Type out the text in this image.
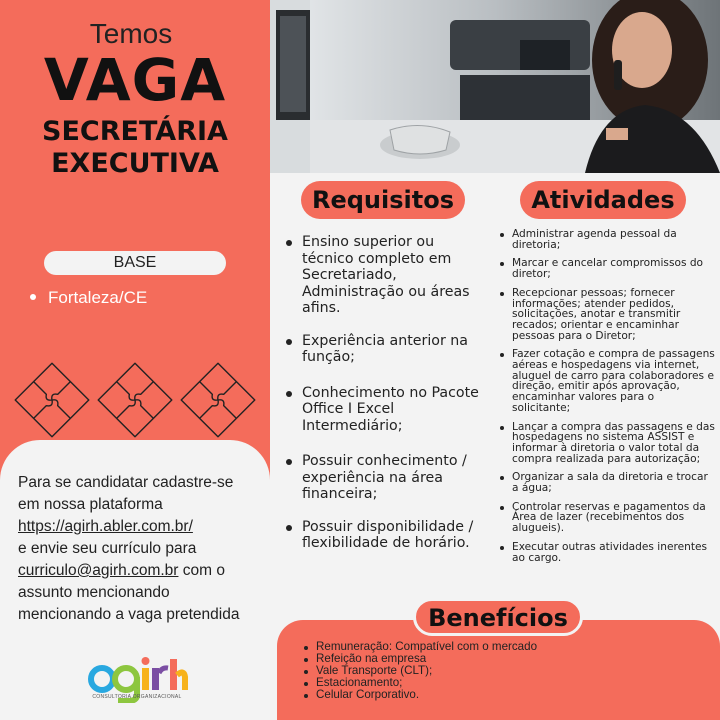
Temos
VAGA
SECRETÁRIA
EXECUTIVA
BASE
Fortaleza/CE
Para se candidatar cadastre-se
em nossa plataforma
https://agirh.abler.com.br/
e envie seu currículo para
curriculo@agirh.com.br com o
assunto mencionando
mencionando a vaga pretendida
CONSULTORIA ORGANIZACIONAL
Requisitos	Atividades
Ensino superior ou técnico completo em Secretariado, Administração ou áreas afins.
Experiência anterior na função;
Conhecimento no Pacote Office I Excel Intermediário;
Possuir conhecimento / experiência na área financeira;
Possuir disponibilidade / flexibilidade de horário.
Administrar agenda pessoal da diretoria;
Marcar e cancelar compromissos do diretor;
Recepcionar pessoas; fornecer informações; atender pedidos, solicitações, anotar e transmitir recados; orientar e encaminhar pessoas para o Diretor;
Fazer cotação e compra de passagens aéreas e hospedagens via internet, aluguel de carro para colaboradores e direção, emitir após aprovação, encaminhar valores para o solicitante;
Lançar a compra das passagens e das hospedagens no sistema ASSIST e informar à diretoria o valor total da compra realizada para autorização;
Organizar a sala da diretoria e trocar a água;
Controlar reservas e pagamentos da Área de lazer (recebimentos dos alugueis).
Executar outras atividades inerentes ao cargo.
Benefícios
Remuneração: Compatível com o mercado
Refeição na empresa
Vale Transporte (CLT);
Estacionamento;
Celular Corporativo.
